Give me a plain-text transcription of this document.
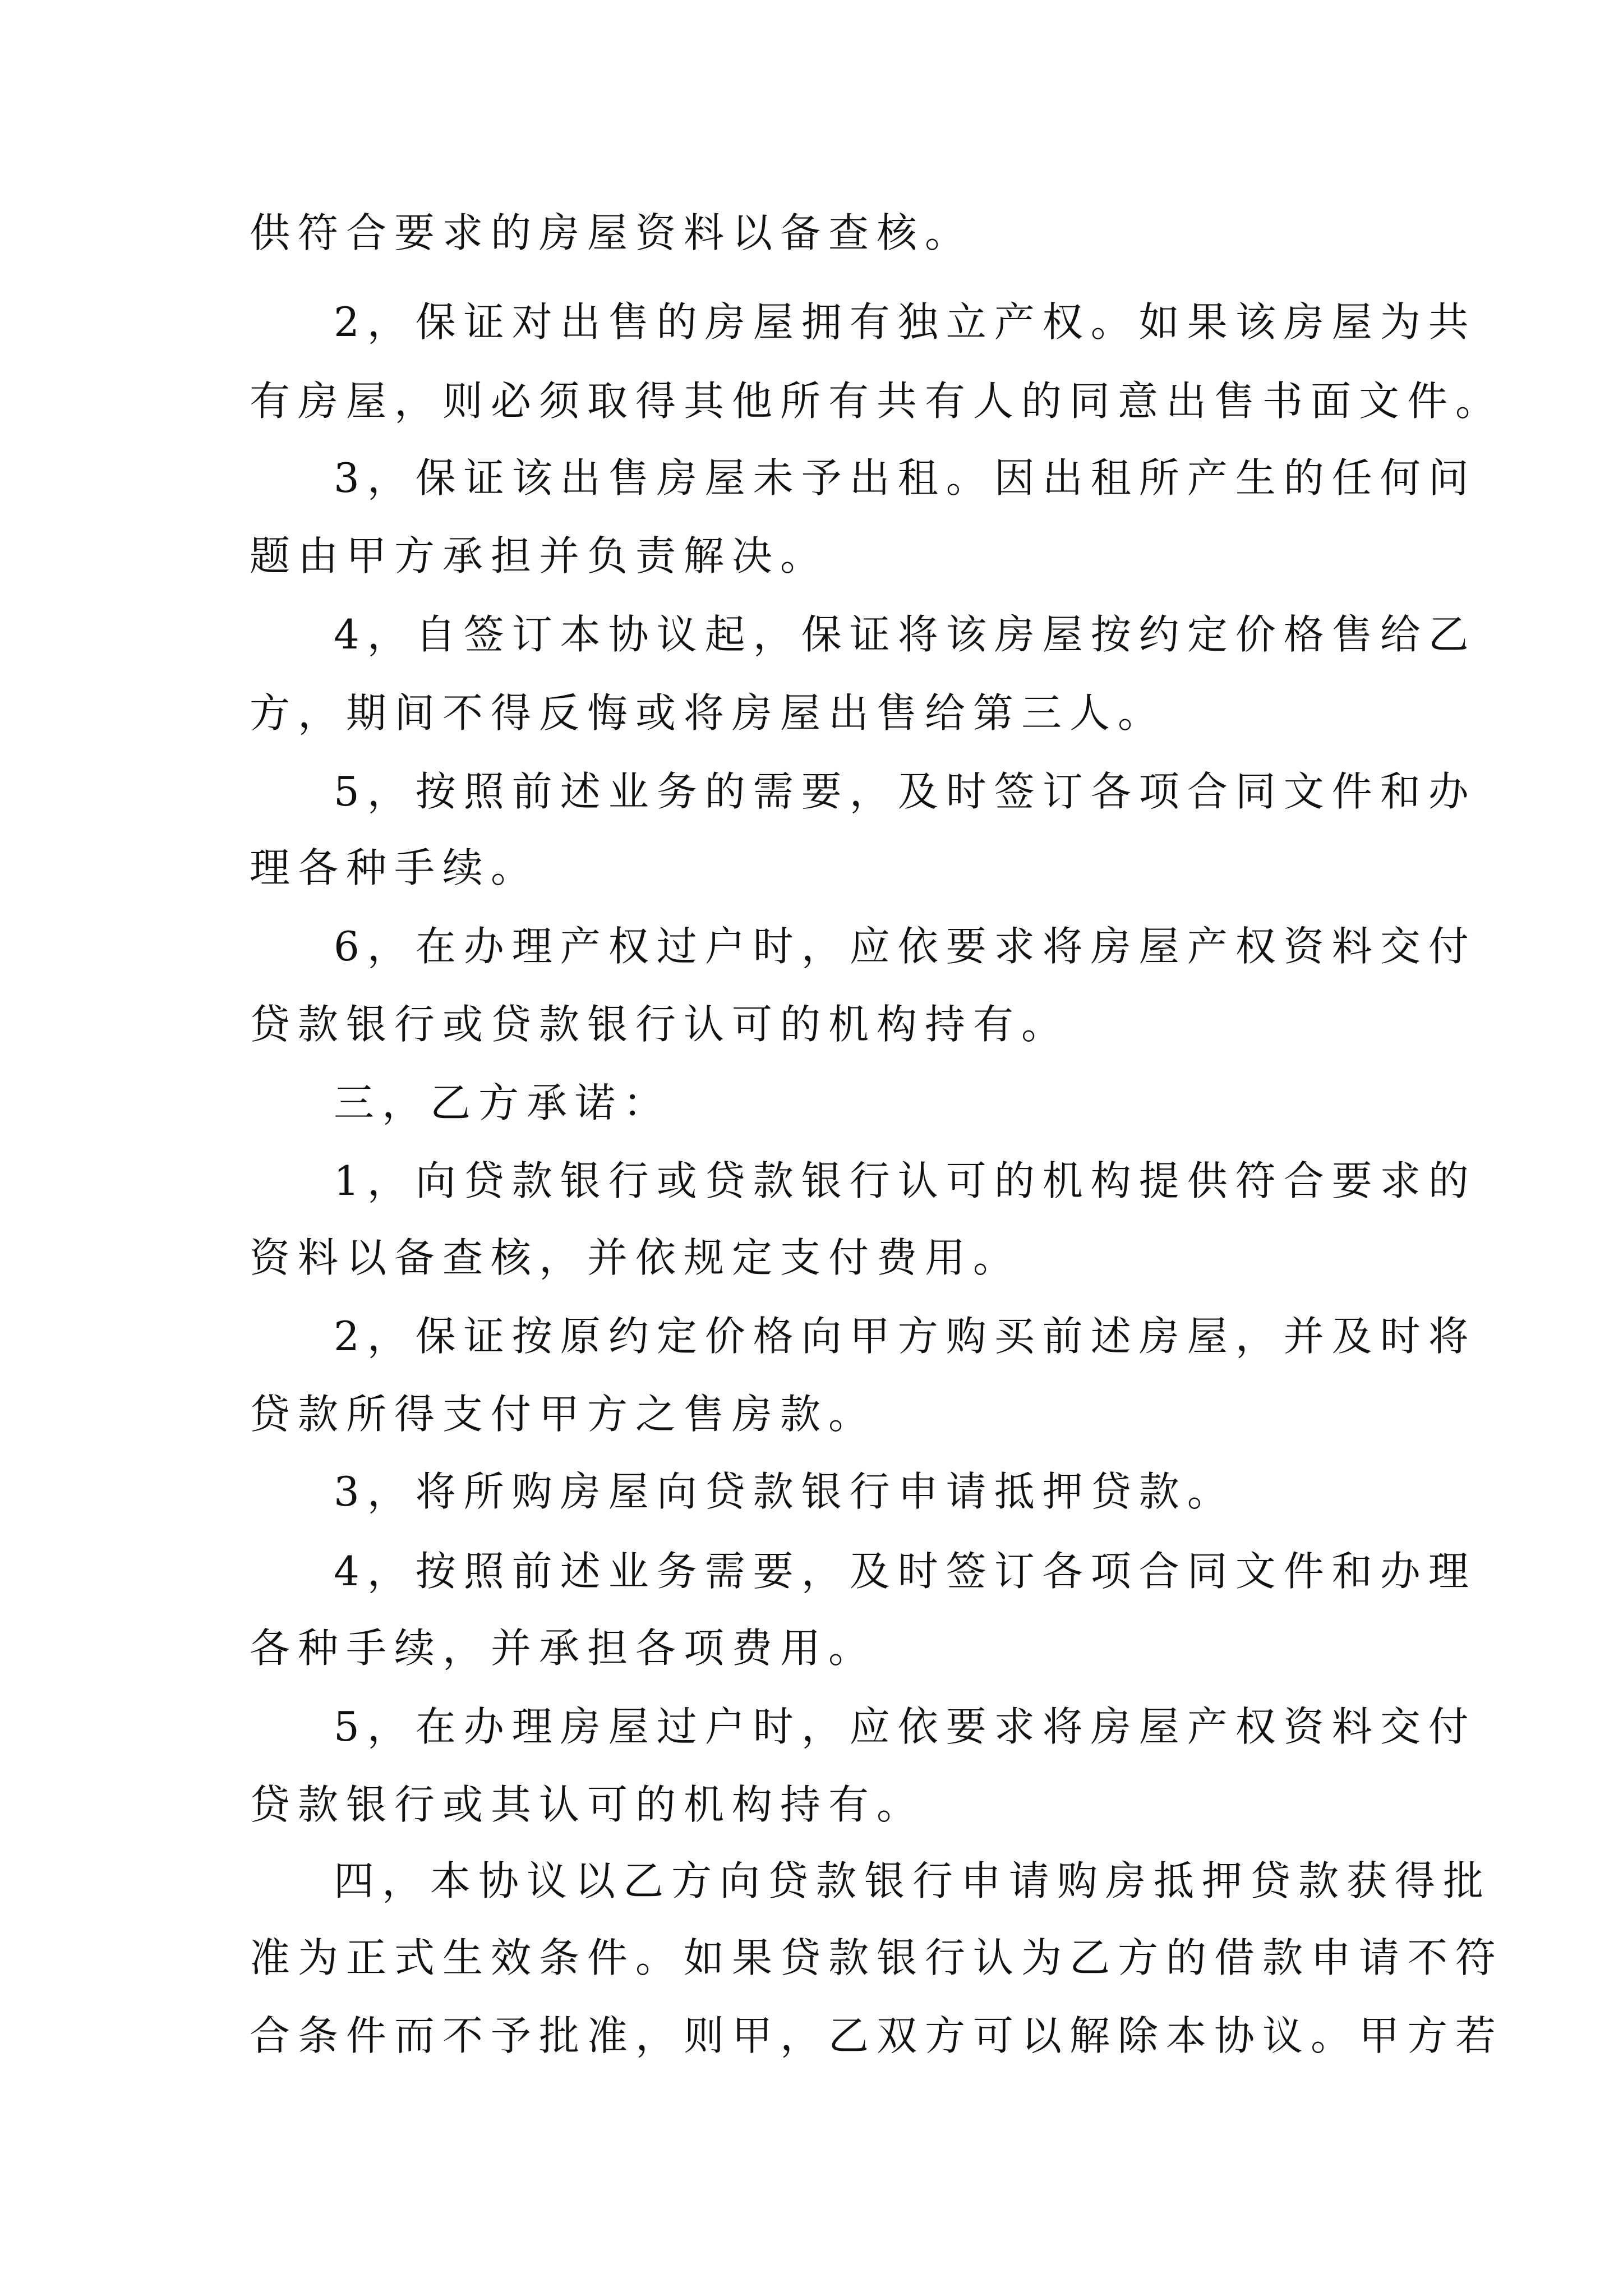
供符合要求的房屋资料以备查核。
2，保证对出售的房屋拥有独立产权。如果该房屋为共
有房屋，则必须取得其他所有共有人的同意出售书面文件。
3，保证该出售房屋未予出租。因出租所产生的任何问
题由甲方承担并负责解决。
4，自签订本协议起，保证将该房屋按约定价格售给乙
方，期间不得反悔或将房屋出售给第三人。
5，按照前述业务的需要，及时签订各项合同文件和办
理各种手续。
6，在办理产权过户时，应依要求将房屋产权资料交付
贷款银行或贷款银行认可的机构持有。
三，乙方承诺：
1，向贷款银行或贷款银行认可的机构提供符合要求的
资料以备查核，并依规定支付费用。
2，保证按原约定价格向甲方购买前述房屋，并及时将
贷款所得支付甲方之售房款。
3，将所购房屋向贷款银行申请抵押贷款。
4，按照前述业务需要，及时签订各项合同文件和办理
各种手续，并承担各项费用。
5，在办理房屋过户时，应依要求将房屋产权资料交付
贷款银行或其认可的机构持有。
四，本协议以乙方向贷款银行申请购房抵押贷款获得批
准为正式生效条件。如果贷款银行认为乙方的借款申请不符
合条件而不予批准，则甲，乙双方可以解除本协议。甲方若
